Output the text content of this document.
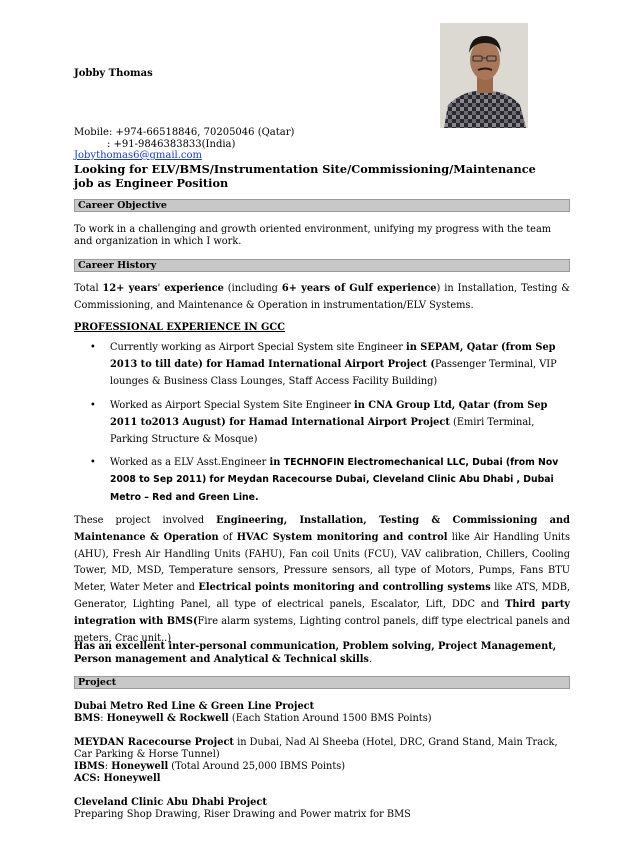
Jobby Thomas
Mobile: +974-66518846, 70205046 (Qatar)
: +91-9846383833(India)
Jobythomas6@gmail.com
Looking for ELV/BMS/Instrumentation Site/Commissioning/Maintenance job as Engineer Position
Career Objective
To work in a challenging and growth oriented environment, unifying my progress with the team and organization in which I work.
Career History
Total 12+ years' experience (including 6+ years of Gulf experience) in Installation, Testing & Commissioning, and Maintenance & Operation in instrumentation/ELV Systems.
PROFESSIONAL EXPERIENCE IN GCC
• Currently working as Airport Special System site Engineer in SEPAM, Qatar (from Sep 2013 to till date) for Hamad International Airport Project (Passenger Terminal, VIP lounges & Business Class Lounges, Staff Access Facility Building)
• Worked as Airport Special System Site Engineer in CNA Group Ltd, Qatar (from Sep 2011 to2013 August) for Hamad International Airport Project (Emiri Terminal, Parking Structure & Mosque)
• Worked as a ELV Asst.Engineer in TECHNOFIN Electromechanical LLC, Dubai (from Nov 2008 to Sep 2011) for Meydan Racecourse Dubai, Cleveland Clinic Abu Dhabi , Dubai Metro – Red and Green Line.
These project involved Engineering, Installation, Testing & Commissioning and Maintenance & Operation of HVAC System monitoring and control like Air Handling Units (AHU), Fresh Air Handling Units (FAHU), Fan coil Units (FCU), VAV calibration, Chillers, Cooling Tower, MD, MSD, Temperature sensors, Pressure sensors, all type of Motors, Pumps, Fans BTU Meter, Water Meter and Electrical points monitoring and controlling systems like ATS, MDB, Generator, Lighting Panel, all type of electrical panels, Escalator, Lift, DDC and Third party integration with BMS(Fire alarm systems, Lighting control panels, diff type electrical panels and meters, Crac unit..)
Has an excellent inter-personal communication, Problem solving, Project Management, Person management and Analytical & Technical skills.
Project
Dubai Metro Red Line & Green Line Project
BMS: Honeywell & Rockwell (Each Station Around 1500 BMS Points)
MEYDAN Racecourse Project in Dubai, Nad Al Sheeba (Hotel, DRC, Grand Stand, Main Track, Car Parking & Horse Tunnel)
IBMS: Honeywell (Total Around 25,000 IBMS Points)
ACS: Honeywell
Cleveland Clinic Abu Dhabi Project
Preparing Shop Drawing, Riser Drawing and Power matrix for BMS
